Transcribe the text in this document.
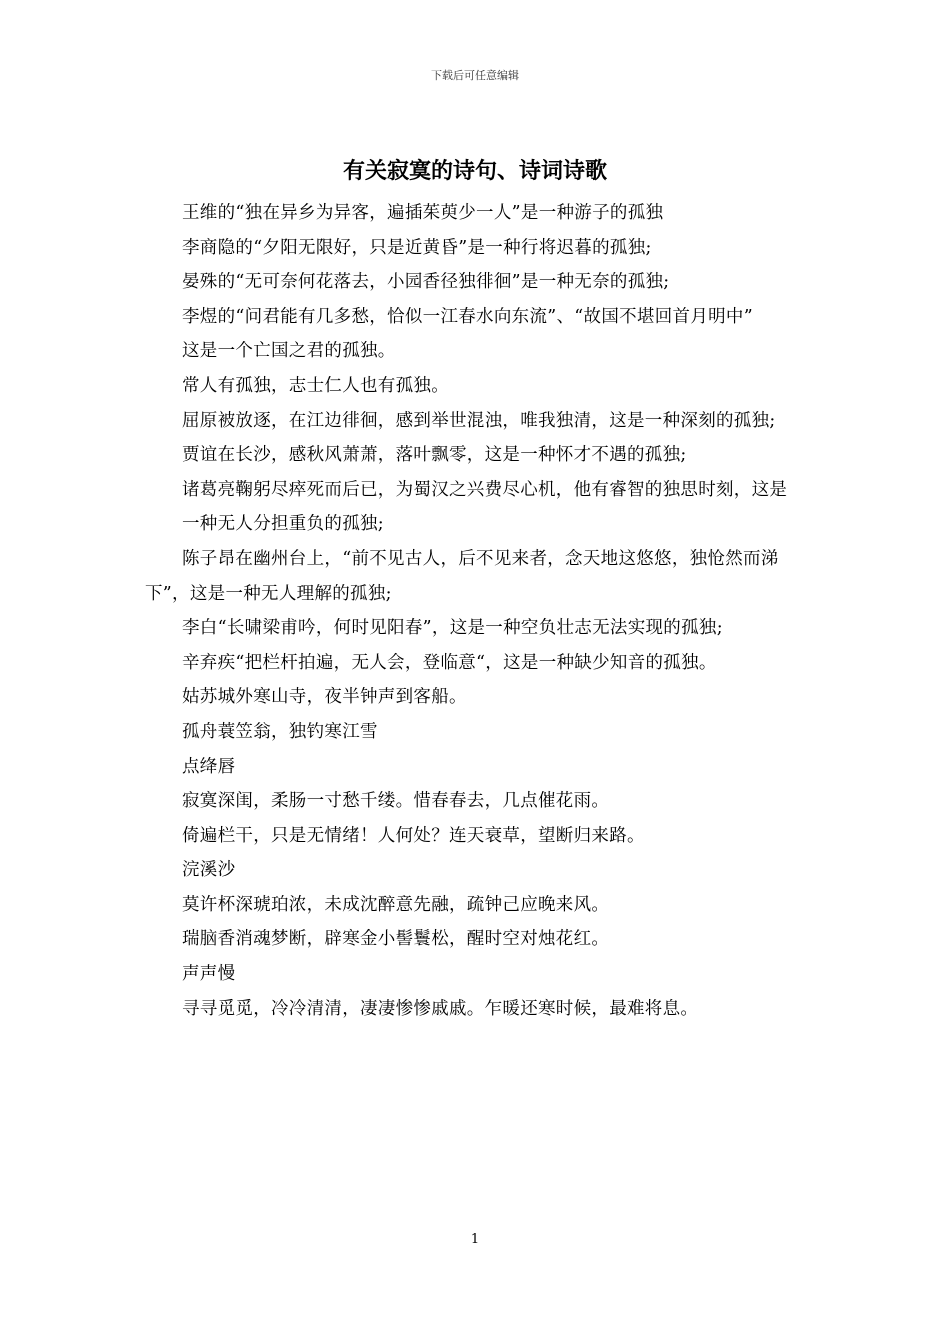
下载后可任意编辑
有关寂寞的诗句、诗词诗歌

王维的“独在异乡为异客，遍插茱萸少一人”是一种游子的孤独

李商隐的“夕阳无限好，只是近黄昏”是一种行将迟暮的孤独;

晏殊的“无可奈何花落去，小园香径独徘徊”是一种无奈的孤独;

李煜的“问君能有几多愁，恰似一江春水向东流”、“故国不堪回首月明中”

这是一个亡国之君的孤独。

常人有孤独，志士仁人也有孤独。

屈原被放逐，在江边徘徊，感到举世混浊，唯我独清，这是一种深刻的孤独;

贾谊在长沙，感秋风萧萧，落叶飘零，这是一种怀才不遇的孤独;

诸葛亮鞠躬尽瘁死而后已，为蜀汉之兴费尽心机，他有睿智的独思时刻，这是

一种无人分担重负的孤独;

陈子昂在幽州台上，“前不见古人，后不见来者，念天地这悠悠，独怆然而涕下”，这是一种无人理解的孤独;

李白“长啸梁甫吟，何时见阳春”，这是一种空负壮志无法实现的孤独;

辛弃疾“把栏杆拍遍，无人会，登临意“，这是一种缺少知音的孤独。

姑苏城外寒山寺，夜半钟声到客船。

孤舟蓑笠翁，独钓寒江雪

点绛唇

寂寞深闺，柔肠一寸愁千缕。惜春春去，几点催花雨。

倚遍栏干，只是无情绪！人何处？连天衰草，望断归来路。

浣溪沙

莫许杯深琥珀浓，未成沈醉意先融，疏钟己应晚来风。

瑞脑香消魂梦断，辟寒金小髻鬟松，醒时空对烛花红。

声声慢

寻寻觅觅，冷冷清清，凄凄惨惨戚戚。乍暖还寒时候，最难将息。

1
